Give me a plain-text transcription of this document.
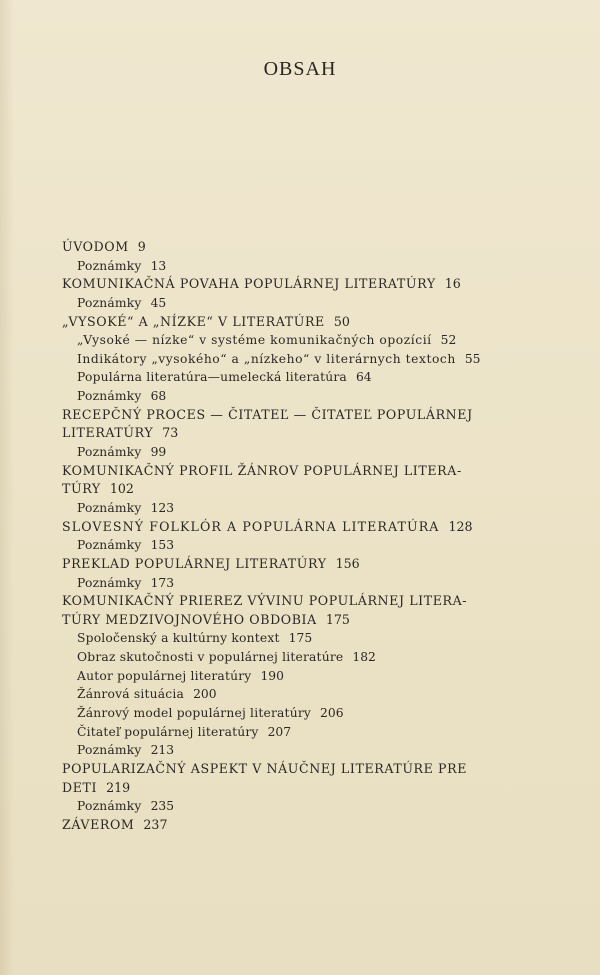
OBSAH
ÚVODOM 9
Poznámky 13
KOMUNIKAČNÁ POVAHA POPULÁRNEJ LITERATÚRY 16
Poznámky 45
„VYSOKÉ“ A „NÍZKE“ V LITERATÚRE 50
„Vysoké — nízke“ v systéme komunikačných opozícií 52
Indikátory „vysokého“ a „nízkeho“ v literárnych textoch 55
Populárna literatúra—umelecká literatúra 64
Poznámky 68
RECEPČNÝ PROCES — ČITATEĽ — ČITATEĽ POPULÁRNEJ
LITERATÚRY 73
Poznámky 99
KOMUNIKAČNÝ PROFIL ŽÁNROV POPULÁRNEJ LITERA-
TÚRY 102
Poznámky 123
SLOVESNÝ FOLKLÓR A POPULÁRNA LITERATÚRA 128
Poznámky 153
PREKLAD POPULÁRNEJ LITERATÚRY 156
Poznámky 173
KOMUNIKAČNÝ PRIEREZ VÝVINU POPULÁRNEJ LITERA-
TÚRY MEDZIVOJNOVÉHO OBDOBIA 175
Spoločenský a kultúrny kontext 175
Obraz skutočnosti v populárnej literatúre 182
Autor populárnej literatúry 190
Žánrová situácia 200
Žánrový model populárnej literatúry 206
Čitateľ populárnej literatúry 207
Poznámky 213
POPULARIZAČNÝ ASPEKT V NÁUČNEJ LITERATÚRE PRE
DETI 219
Poznámky 235
ZÁVEROM 237
